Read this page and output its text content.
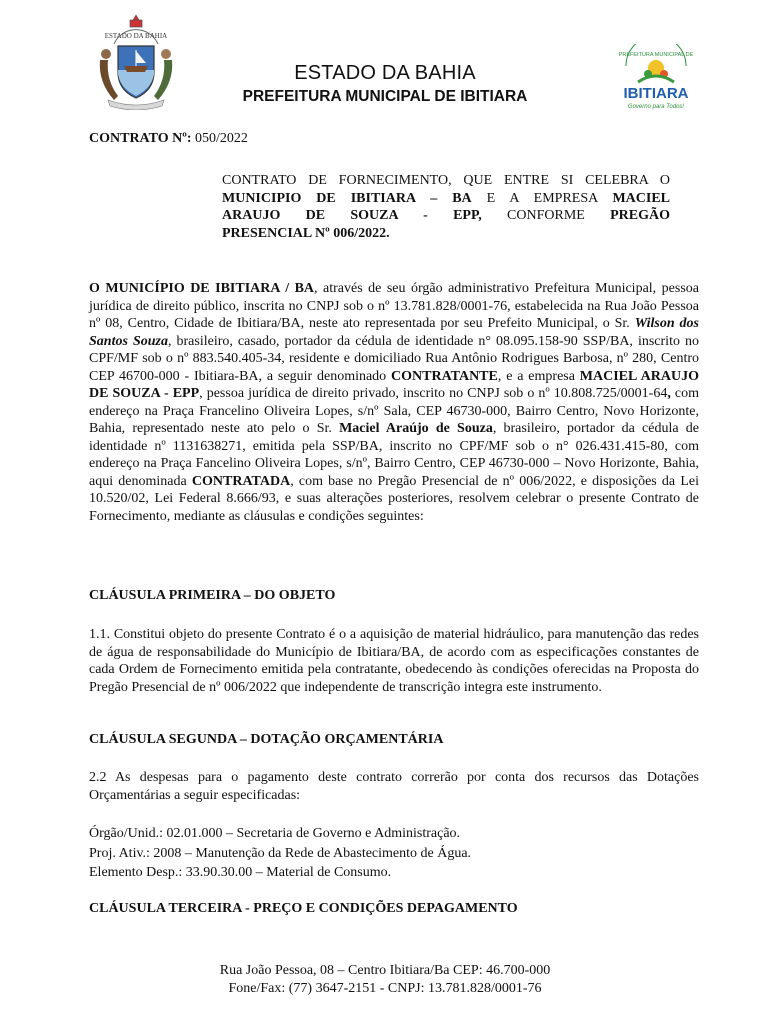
ESTADO DA BAHIA
ESTADO DA BAHIA
PREFEITURA MUNICIPAL DE IBITIARA
PREFEITURA MUNICIPAL DE
IBITIARA
Governo para Todos!
CONTRATO Nº: 050/2022
CONTRATO DE FORNECIMENTO, QUE ENTRE SI CELEBRA O
MUNICIPIO DE IBITIARA – BA E A EMPRESA MACIEL
ARAUJO DE SOUZA - EPP, CONFORME PREGÃO
PRESENCIAL Nº 006/2022.
O MUNICÍPIO DE IBITIARA / BA, através de seu órgão administrativo Prefeitura Municipal, pessoa jurídica de direito público, inscrita no CNPJ sob o nº 13.781.828/0001-76, estabelecida na Rua João Pessoa nº 08, Centro, Cidade de Ibitiara/BA, neste ato representada por seu Prefeito Municipal, o Sr. Wilson dos Santos Souza, brasileiro, casado, portador da cédula de identidade n° 08.095.158-90 SSP/BA, inscrito no CPF/MF sob o nº 883.540.405-34, residente e domiciliado Rua Antônio Rodrigues Barbosa, nº 280, Centro CEP 46700-000 - Ibitiara-BA, a seguir denominado CONTRATANTE, e a empresa MACIEL ARAUJO DE SOUZA - EPP, pessoa jurídica de direito privado, inscrito no CNPJ sob o nº 10.808.725/0001-64, com endereço na Praça Francelino Oliveira Lopes, s/nº Sala, CEP 46730-000, Bairro Centro, Novo Horizonte, Bahia, representado neste ato pelo o Sr. Maciel Araújo de Souza, brasileiro, portador da cédula de identidade nº 1131638271, emitida pela SSP/BA, inscrito no CPF/MF sob o n° 026.431.415-80, com endereço na Praça Fancelino Oliveira Lopes, s/nº, Bairro Centro, CEP 46730-000 – Novo Horizonte, Bahia, aqui denominada CONTRATADA, com base no Pregão Presencial de nº 006/2022, e disposições da Lei 10.520/02, Lei Federal 8.666/93, e suas alterações posteriores, resolvem celebrar o presente Contrato de Fornecimento, mediante as cláusulas e condições seguintes:
CLÁUSULA PRIMEIRA – DO OBJETO
1.1. Constitui objeto do presente Contrato é o a aquisição de material hidráulico, para manutenção das redes de água de responsabilidade do Município de Ibitiara/BA, de acordo com as especificações constantes de cada Ordem de Fornecimento emitida pela contratante, obedecendo às condições oferecidas na Proposta do Pregão Presencial de nº 006/2022 que independente de transcrição integra este instrumento.
CLÁUSULA SEGUNDA – DOTAÇÃO ORÇAMENTÁRIA
2.2 As despesas para o pagamento deste contrato correrão por conta dos recursos das Dotações Orçamentárias a seguir especificadas:
Órgão/Unid.: 02.01.000 – Secretaria de Governo e Administração.
Proj. Ativ.: 2008 – Manutenção da Rede de Abastecimento de Água.
Elemento Desp.: 33.90.30.00 – Material de Consumo.
CLÁUSULA TERCEIRA - PREÇO E CONDIÇÕES DEPAGAMENTO
Rua João Pessoa, 08 – Centro Ibitiara/Ba CEP: 46.700-000
Fone/Fax: (77) 3647-2151 - CNPJ: 13.781.828/0001-76
